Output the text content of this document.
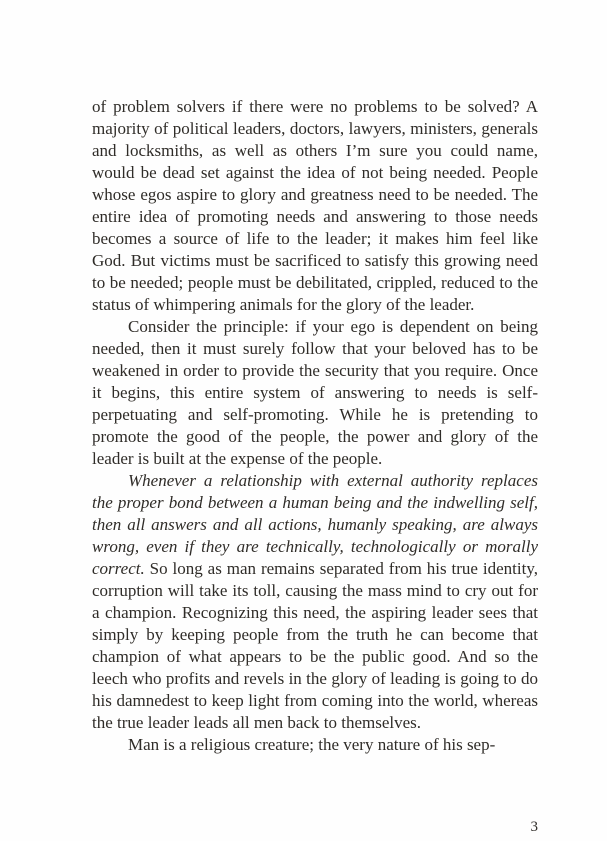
of problem solvers if there were no problems to be solved? A majority of political leaders, doctors, lawyers, ministers, generals and locksmiths, as well as others I’m sure you could name, would be dead set against the idea of not being needed. People whose egos aspire to glory and greatness need to be needed. The entire idea of promoting needs and answering to those needs becomes a source of life to the leader; it makes him feel like God. But victims must be sacrificed to satisfy this growing need to be needed; people must be debilitated, crippled, reduced to the status of whimpering animals for the glory of the leader.

Consider the principle: if your ego is dependent on being needed, then it must surely follow that your beloved has to be weakened in order to provide the security that you require. Once it begins, this entire system of answering to needs is self-perpetuating and self-promoting. While he is pretending to promote the good of the people, the power and glory of the leader is built at the expense of the people.

Whenever a relationship with external authority replaces the proper bond between a human being and the indwelling self, then all answers and all actions, humanly speaking, are always wrong, even if they are technically, technologically or morally correct. So long as man remains separated from his true identity, corruption will take its toll, causing the mass mind to cry out for a champion. Recognizing this need, the aspiring leader sees that simply by keeping people from the truth he can become that champion of what appears to be the public good. And so the leech who profits and revels in the glory of leading is going to do his damnedest to keep light from coming into the world, whereas the true leader leads all men back to themselves.

Man is a religious creature; the very nature of his sep-

3
